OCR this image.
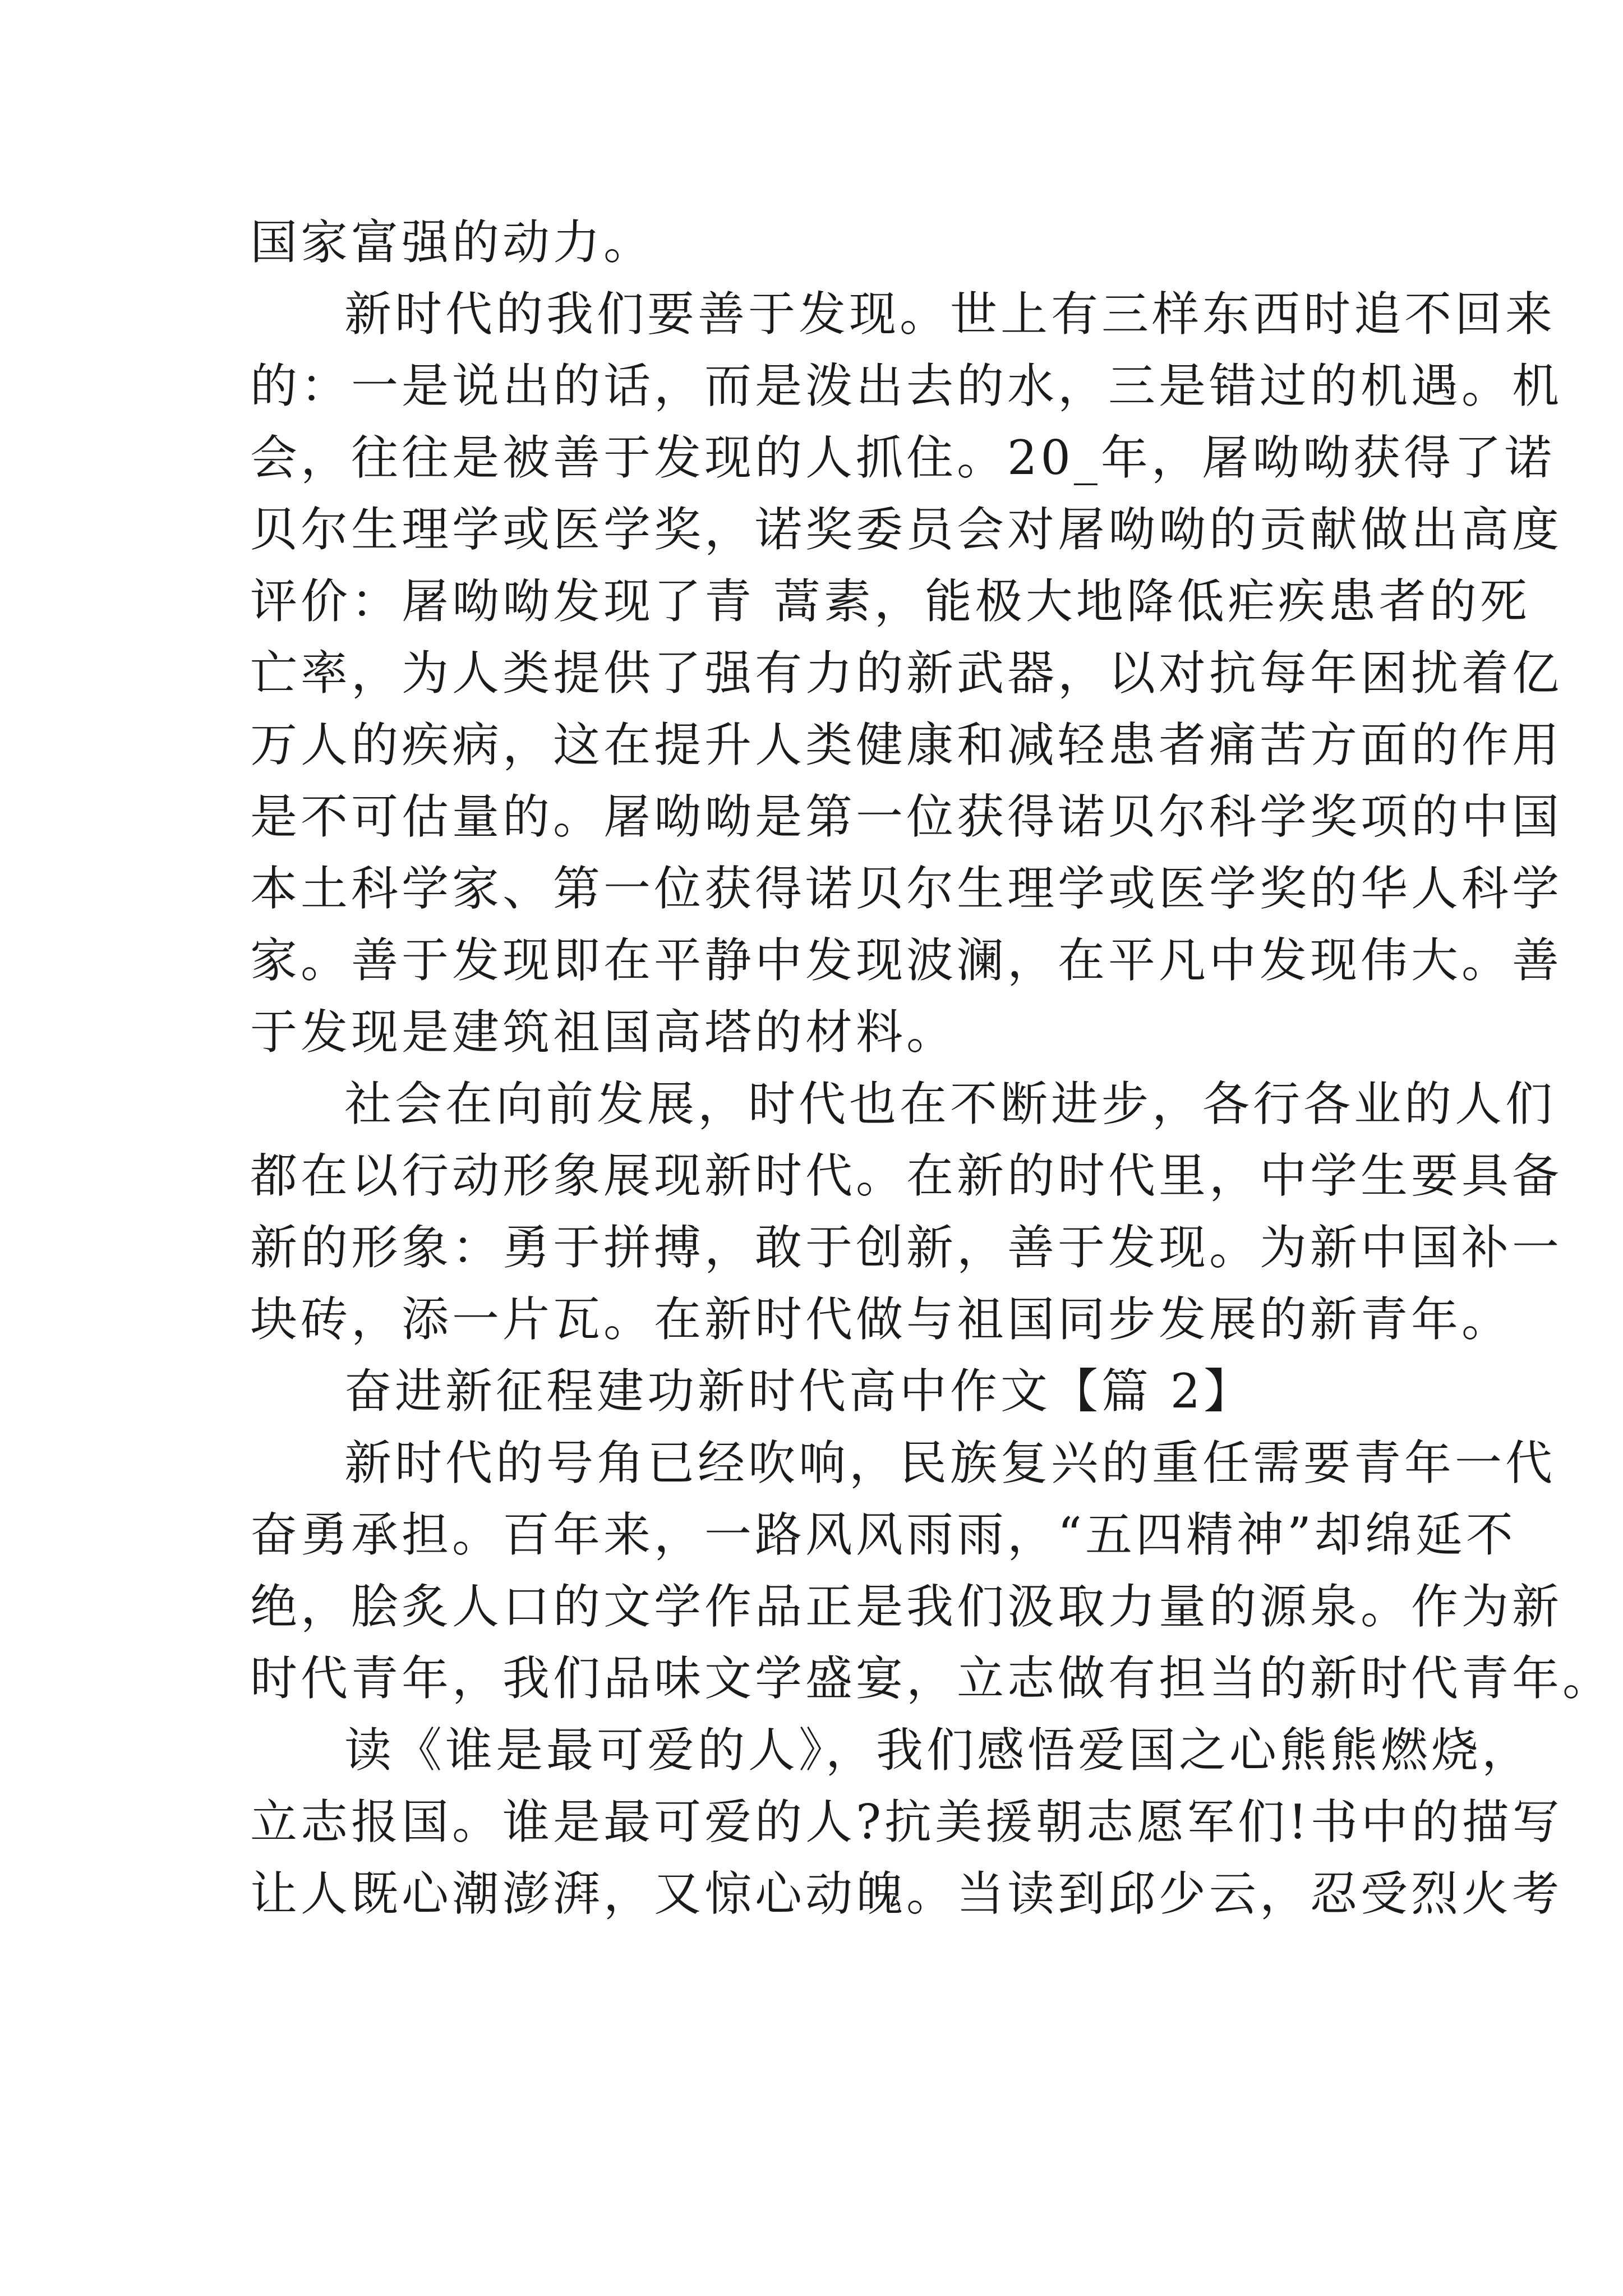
国家富强的动力。
新时代的我们要善于发现。世上有三样东西时追不回来
的：一是说出的话，而是泼出去的水，三是错过的机遇。机
会，往往是被善于发现的人抓住。20_年，屠呦呦获得了诺
贝尔生理学或医学奖，诺奖委员会对屠呦呦的贡献做出高度
评价：屠呦呦发现了青 蒿素，能极大地降低疟疾患者的死
亡率，为人类提供了强有力的新武器，以对抗每年困扰着亿
万人的疾病，这在提升人类健康和减轻患者痛苦方面的作用
是不可估量的。屠呦呦是第一位获得诺贝尔科学奖项的中国
本土科学家、第一位获得诺贝尔生理学或医学奖的华人科学
家。善于发现即在平静中发现波澜，在平凡中发现伟大。善
于发现是建筑祖国高塔的材料。
社会在向前发展，时代也在不断进步，各行各业的人们
都在以行动形象展现新时代。在新的时代里，中学生要具备
新的形象：勇于拼搏，敢于创新，善于发现。为新中国补一
块砖，添一片瓦。在新时代做与祖国同步发展的新青年。
奋进新征程建功新时代高中作文【篇 2】
新时代的号角已经吹响，民族复兴的重任需要青年一代
奋勇承担。百年来，一路风风雨雨，“五四精神”却绵延不
绝，脍炙人口的文学作品正是我们汲取力量的源泉。作为新
时代青年，我们品味文学盛宴，立志做有担当的新时代青年。
读《谁是最可爱的人》，我们感悟爱国之心熊熊燃烧，
立志报国。谁是最可爱的人?抗美援朝志愿军们!书中的描写
让人既心潮澎湃，又惊心动魄。当读到邱少云，忍受烈火考
